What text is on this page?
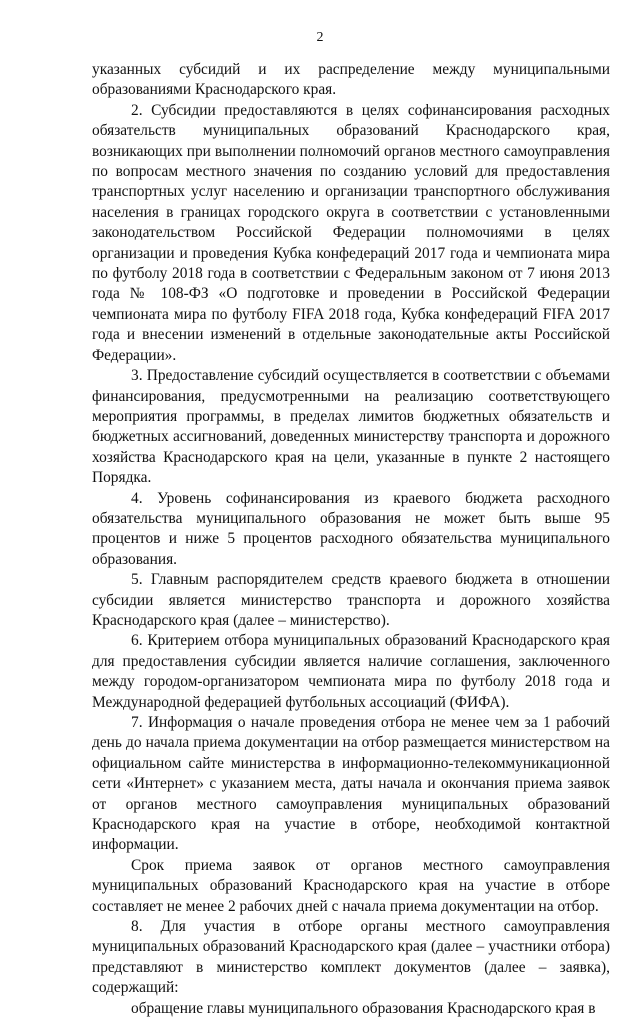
2

указанных субсидий и их распределение между муниципальными образованиями Краснодарского края.

2. Субсидии предоставляются в целях софинансирования расходных обязательств муниципальных образований Краснодарского края, возникающих при выполнении полномочий органов местного самоуправления по вопросам местного значения по созданию условий для предоставления транспортных услуг населению и организации транспортного обслуживания населения в границах городского округа в соответствии с установленными законодательством Российской Федерации полномочиями в целях организации и проведения Кубка конфедераций 2017 года и чемпионата мира по футболу 2018 года в соответствии с Федеральным законом от 7 июня 2013 года № 108-ФЗ «О подготовке и проведении в Российской Федерации чемпионата мира по футболу FIFA 2018 года, Кубка конфедераций FIFA 2017 года и внесении изменений в отдельные законодательные акты Российской Федерации».

3. Предоставление субсидий осуществляется в соответствии с объемами финансирования, предусмотренными на реализацию соответствующего мероприятия программы, в пределах лимитов бюджетных обязательств и бюджетных ассигнований, доведенных министерству транспорта и дорожного хозяйства Краснодарского края на цели, указанные в пункте 2 настоящего Порядка.

4. Уровень софинансирования из краевого бюджета расходного обязательства муниципального образования не может быть выше 95 процентов и ниже 5 процентов расходного обязательства муниципального образования.

5. Главным распорядителем средств краевого бюджета в отношении субсидии является министерство транспорта и дорожного хозяйства Краснодарского края (далее – министерство).

6. Критерием отбора муниципальных образований Краснодарского края для предоставления субсидии является наличие соглашения, заключенного между городом-организатором чемпионата мира по футболу 2018 года и Международной федерацией футбольных ассоциаций (ФИФА).

7. Информация о начале проведения отбора не менее чем за 1 рабочий день до начала приема документации на отбор размещается министерством на официальном сайте министерства в информационно-телекоммуникационной сети «Интернет» с указанием места, даты начала и окончания приема заявок от органов местного самоуправления муниципальных образований Краснодарского края на участие в отборе, необходимой контактной информации.

Срок приема заявок от органов местного самоуправления муниципальных образований Краснодарского края на участие в отборе составляет не менее 2 рабочих дней с начала приема документации на отбор.

8. Для участия в отборе органы местного самоуправления муниципальных образований Краснодарского края (далее – участники отбора) представляют в министерство комплект документов (далее – заявка), содержащий:

обращение главы муниципального образования Краснодарского края в
